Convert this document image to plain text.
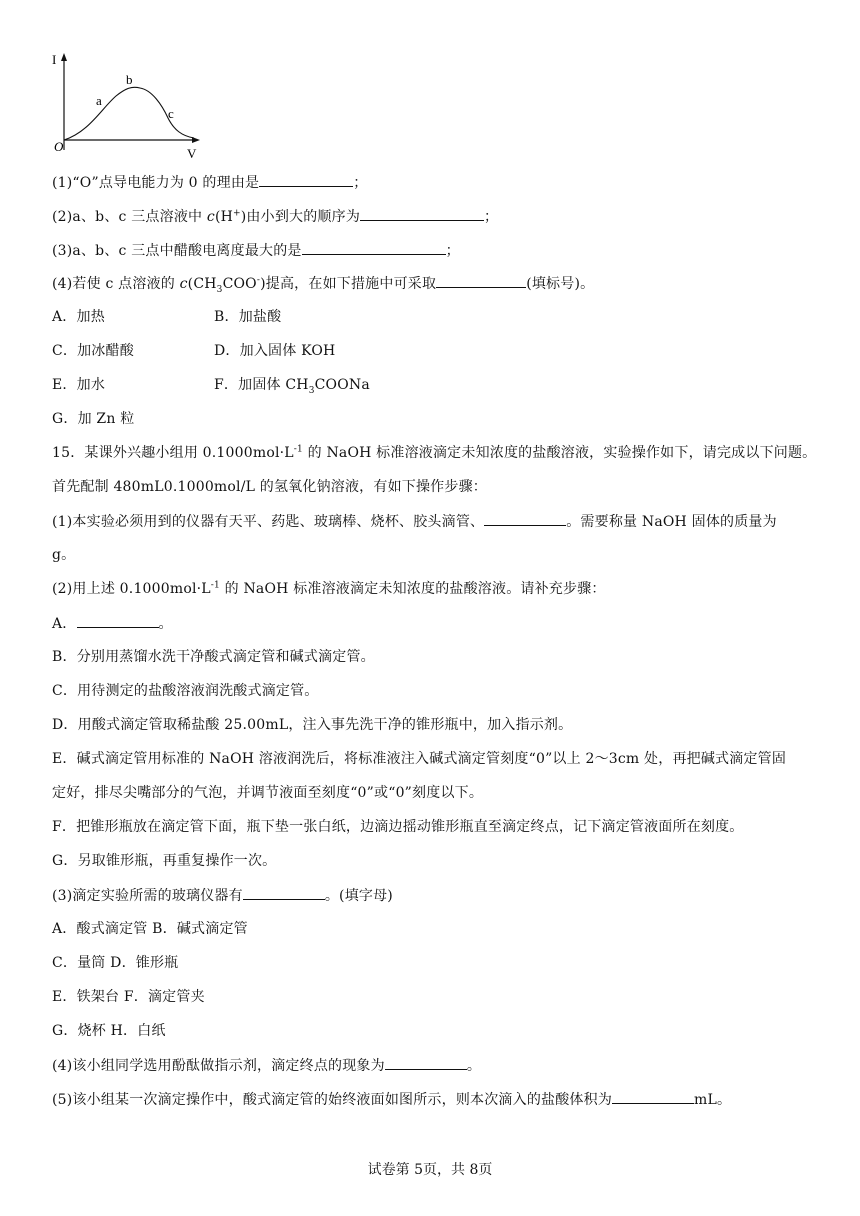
I
V
O
a
b
c
(1)“O”点导电能力为 0 的理由是	；
(2)a、b、c 三点溶液中 c(H+)由小到大的顺序为	；
(3)a、b、c 三点中醋酸电离度最大的是	；
(4)若使 c 点溶液的 $c(CH_3COO^-)$提高，在如下措施中可采取	(填标号)。
A．加热	B．加盐酸
C．加冰醋酸	D．加入固体 KOH
E．加水	F．加固体 $CH_3COONa$
G．加 Zn 粒
15．某课外兴趣小组用 $0.1000mol\cdot L^{-1}$ 的 NaOH 标准溶液滴定未知浓度的盐酸溶液，实验操作如下，请完成以下问题。
首先配制 480mL0.1000mol/L 的氢氧化钠溶液，有如下操作步骤：
(1)本实验必须用到的仪器有天平、药匙、玻璃棒、烧杯、胶头滴管、	。需要称量 NaOH 固体的质量为
g。
(2)用上述 $0.1000mol\cdot L^{-1}$ 的 NaOH 标准溶液滴定未知浓度的盐酸溶液。请补充步骤：
A．	。
B．分别用蒸馏水洗干净酸式滴定管和碱式滴定管。
C．用待测定的盐酸溶液润洗酸式滴定管。
D．用酸式滴定管取稀盐酸 25.00mL，注入事先洗干净的锥形瓶中，加入指示剂。
E．碱式滴定管用标准的 NaOH 溶液润洗后，将标准液注入碱式滴定管刻度“0”以上 2～3cm 处，再把碱式滴定管固
定好，排尽尖嘴部分的气泡，并调节液面至刻度“0”或“0”刻度以下。
F．把锥形瓶放在滴定管下面，瓶下垫一张白纸，边滴边摇动锥形瓶直至滴定终点，记下滴定管液面所在刻度。
G．另取锥形瓶，再重复操作一次。
(3)滴定实验所需的玻璃仪器有	。(填字母)
A．酸式滴定管 B．碱式滴定管
C．量筒 D．锥形瓶
E．铁架台 F．滴定管夹
G．烧杯 H．白纸
(4)该小组同学选用酚酞做指示剂，滴定终点的现象为	。
(5)该小组某一次滴定操作中，酸式滴定管的始终液面如图所示，则本次滴入的盐酸体积为	mL。
试卷第 5页，共 8页
